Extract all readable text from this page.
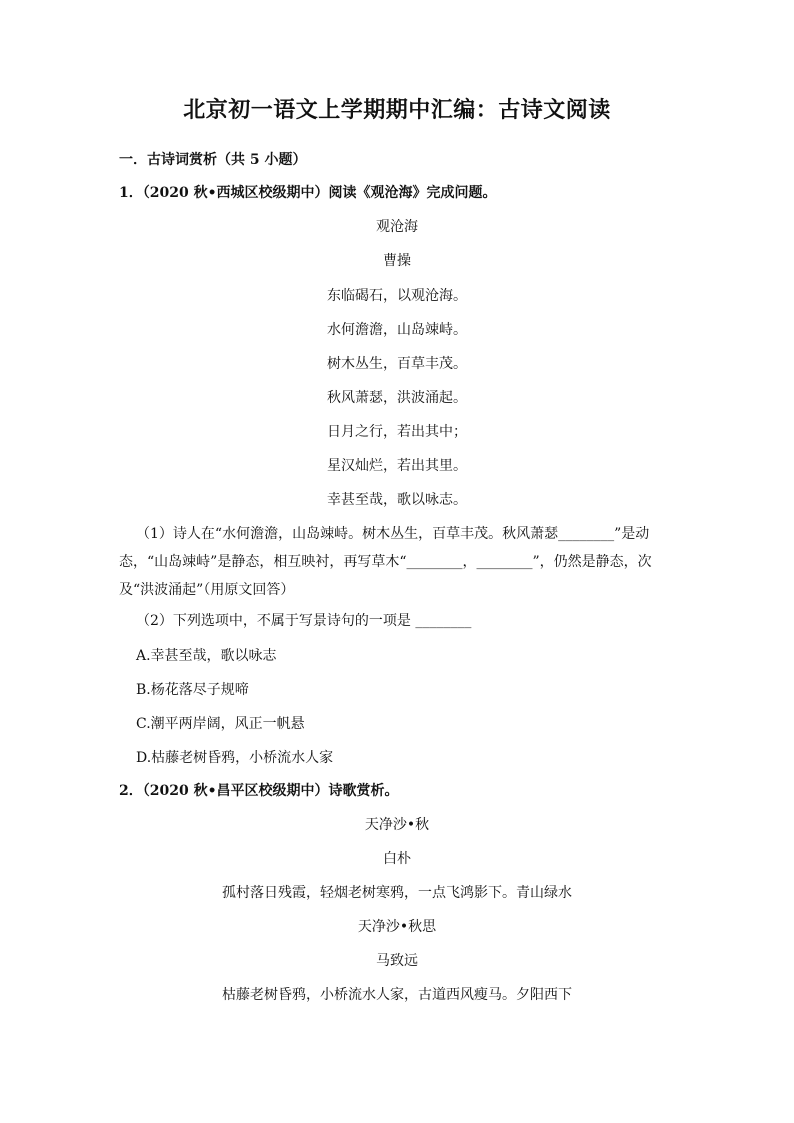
北京初一语文上学期期中汇编：古诗文阅读
一．古诗词赏析（共 5 小题）
1．（2020 秋•西城区校级期中）阅读《观沧海》完成问题。
观沧海
曹操
东临碣石，以观沧海。
水何澹澹，山岛竦峙。
树木丛生，百草丰茂。
秋风萧瑟，洪波涌起。
日月之行，若出其中；
星汉灿烂，若出其里。
幸甚至哉，歌以咏志。
（1）诗人在“水何澹澹，山岛竦峙。树木丛生，百草丰茂。秋风萧瑟________”是动态，“山岛竦峙”是静态，相互映衬，再写草木“________，________”，仍然是静态，次及“洪波涌起”（用原文回答）
（2）下列选项中，不属于写景诗句的一项是 ________
A.幸甚至哉，歌以咏志
B.杨花落尽子规啼
C.潮平两岸阔，风正一帆悬
D.枯藤老树昏鸦，小桥流水人家
2．（2020 秋•昌平区校级期中）诗歌赏析。
天净沙•秋
白朴
孤村落日残霞，轻烟老树寒鸦，一点飞鸿影下。青山绿水
天净沙•秋思
马致远
枯藤老树昏鸦，小桥流水人家，古道西风瘦马。夕阳西下
